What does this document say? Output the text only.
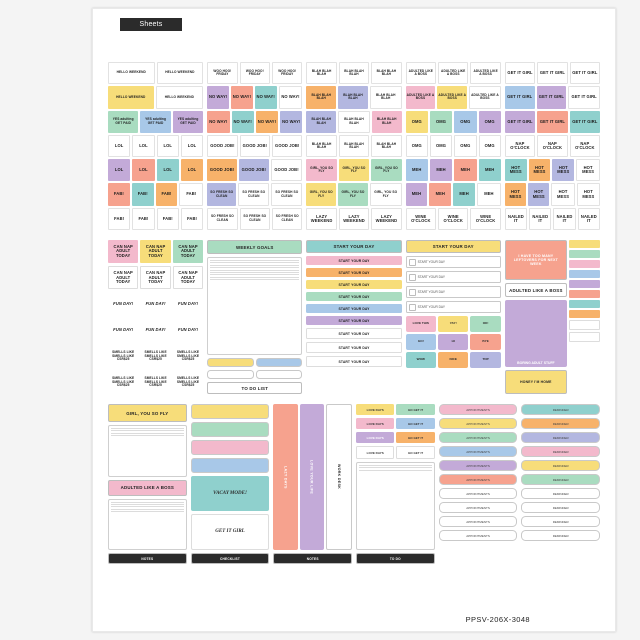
Sheets
HELLO WEEKEND	HELLO WEEKEND
HELLO WEEKEND	HELLO WEEKEND
YES adulting GET PAID
YES adulting GET PAID
YES adulting GET PAID
LOL	LOL	LOL	LOL
LOL	LOL	LOL	LOL
FAB!	FAB!	FAB!	FAB!
FAB!	FAB!	FAB!	FAB!
WOO HOO! FRIDAY
WOO HOO! FRIDAY
WOO HOO! FRIDAY
NO WAY!	NO WAY!	NO WAY!	NO WAY!
NO WAY!	NO WAY!	NO WAY!	NO WAY!
GOOD JOB!	GOOD JOB!	GOOD JOB!
GOOD JOB!	GOOD JOB!	GOOD JOB!
SO FRESH SO CLEAN
SO FRESH SO CLEAN
SO FRESH SO CLEAN
SO FRESH SO CLEAN
SO FRESH SO CLEAN
SO FRESH SO CLEAN
BLAH BLAH BLAH
BLAH BLAH BLAH
BLAH BLAH BLAH
BLAH BLAH BLAH
BLAH BLAH BLAH
BLAH BLAH BLAH
BLAH BLAH BLAH
BLAH BLAH BLAH
BLAH BLAH BLAH
BLAH BLAH BLAH
BLAH BLAH BLAH
BLAH BLAH BLAH
GIRL, YOU SO FLY
GIRL, YOU SO FLY
GIRL, YOU SO FLY
GIRL, YOU SO FLY
GIRL, YOU SO FLY
GIRL, YOU SO FLY
LAZY WEEKEND
LAZY WEEKEND
LAZY WEEKEND
ADULTED LIKE A BOSS
ADULTED LIKE A BOSS
ADULTED LIKE A BOSS
ADULTED LIKE A BOSS
ADULTED LIKE A BOSS
ADULTED LIKE A BOSS
OMG	OMG	OMG	OMG
OMG	OMG	OMG	OMG
MEH	MEH	MEH	MEH
MEH	MEH	MEH	MEH
WINE O'CLOCK
WINE O'CLOCK
WINE O'CLOCK
GET IT GIRL	GET IT GIRL	GET IT GIRL
GET IT GIRL	GET IT GIRL	GET IT GIRL
GET IT GIRL	GET IT GIRL	GET IT GIRL
NAP O'CLOCK
NAP O'CLOCK
NAP O'CLOCK
HOT MESS
HOT MESS
HOT MESS
HOT MESS
HOT MESS
HOT MESS
HOT MESS
HOT MESS
NAILED IT
NAILED IT
NAILED IT
NAILED IT
CAN NAP ADULT TODAY
CAN NAP ADULT TODAY
CAN NAP ADULT TODAY
CAN NAP ADULT TODAY
CAN NAP ADULT TODAY
CAN NAP ADULT TODAY
FUN DAY!	FUN DAY!	FUN DAY!
FUN DAY!	FUN DAY!	FUN DAY!
SMELLS LIKE SMELLS LIKE CSR$25
SMELLS LIKE SMELLS LIKE CSR$25
SMELLS LIKE SMELLS LIKE CSR$25
SMELLS LIKE SMELLS LIKE CSR$25
SMELLS LIKE SMELLS LIKE CSR$25
SMELLS LIKE SMELLS LIKE CSR$25
WEEKLY GOALS
TO DO LIST
START YOUR DAY
START YOUR DAY
START YOUR DAY
START YOUR DAY
START YOUR DAY
START YOUR DAY
START YOUR DAY
START YOUR DAY
START YOUR DAY
START YOUR DAY
START YOUR DAY
START YOUR DAY
START YOUR DAY
START YOUR DAY
START YOUR DAY
LOVE THIS	YAY!	OK!
GO!	HI	BYE
WOW	NICE	TOP
I HAVE TOO MANY LEFTOVERS FOR NEXT WEEK
ADULTED LIKE A BOSS
BORING ADULT STUFF
HONEY I'M HOME
GIRL, YOU SO FLY
ADULTED LIKE A BOSS
NOTES
VACAY MODE!
GET IT GIRL
CHECKLIST
LAZY DAYS	LOVE YOUR LIFE	WORK DESK
NOTES
LOVE DAYS	GO GET IT
LOVE DAYS	GO GET IT
LOVE DAYS	GO GET IT
LOVE DAYS	GO GET IT
TO DO
APPOINTMENTS
APPOINTMENTS
APPOINTMENTS
APPOINTMENTS
APPOINTMENTS
APPOINTMENTS
APPOINTMENTS
APPOINTMENTS
APPOINTMENTS
APPOINTMENTS
REMINDER
REMINDER
REMINDER
REMINDER
REMINDER
REMINDER
REMINDER
REMINDER
REMINDER
REMINDER
PPSV-206X-3048
